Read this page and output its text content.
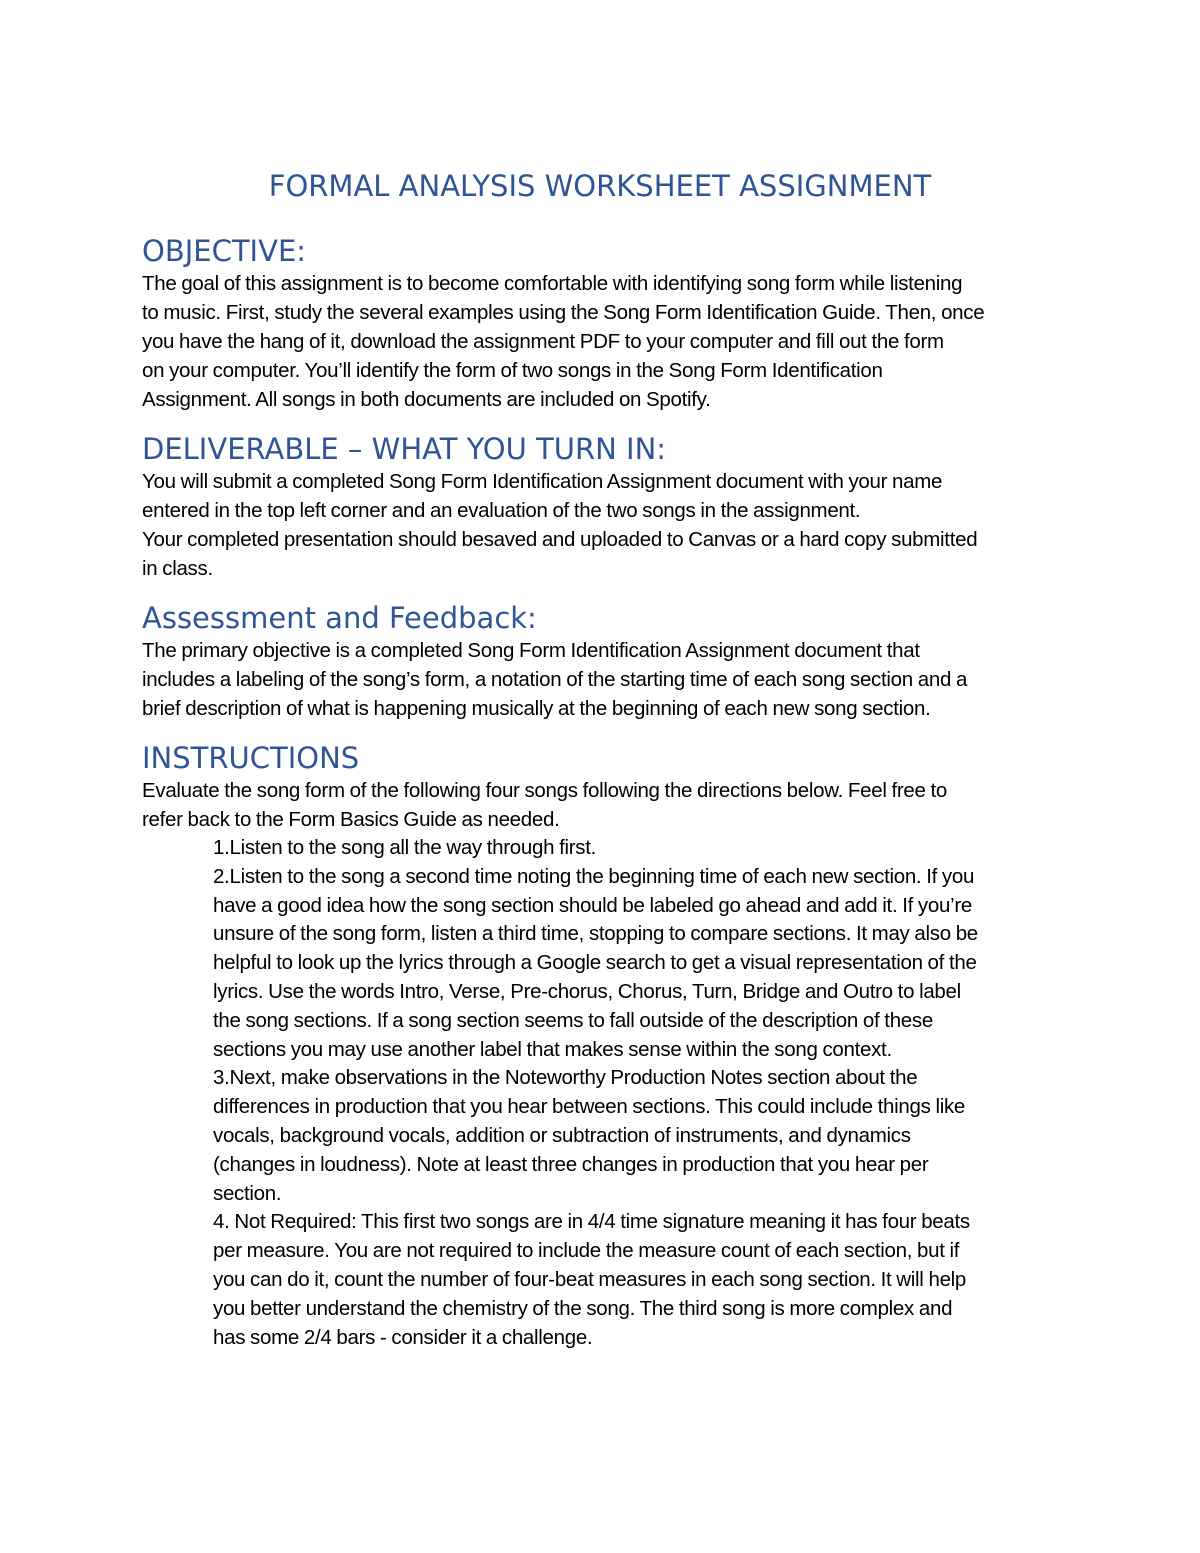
FORMAL ANALYSIS WORKSHEET ASSIGNMENT
OBJECTIVE:

The goal of this assignment is to become comfortable with identifying song form while listening

to music. First, study the several examples using the Song Form Identification Guide. Then, once

you have the hang of it, download the assignment PDF to your computer and fill out the form

on your computer. You’ll identify the form of two songs in the Song Form Identification

Assignment. All songs in both documents are included on Spotify.

DELIVERABLE – WHAT YOU TURN IN:

You will submit a completed Song Form Identification Assignment document with your name

entered in the top left corner and an evaluation of the two songs in the assignment.

Your completed presentation should besaved and uploaded to Canvas or a hard copy submitted

in class.

Assessment and Feedback:

The primary objective is a completed Song Form Identification Assignment document that

includes a labeling of the song’s form, a notation of the starting time of each song section and a

brief description of what is happening musically at the beginning of each new song section.

INSTRUCTIONS

Evaluate the song form of the following four songs following the directions below. Feel free to

refer back to the Form Basics Guide as needed.

1.Listen to the song all the way through first.

2.Listen to the song a second time noting the beginning time of each new section. If you

have a good idea how the song section should be labeled go ahead and add it. If you’re

unsure of the song form, listen a third time, stopping to compare sections. It may also be

helpful to look up the lyrics through a Google search to get a visual representation of the

lyrics. Use the words Intro, Verse, Pre-chorus, Chorus, Turn, Bridge and Outro to label

the song sections. If a song section seems to fall outside of the description of these

sections you may use another label that makes sense within the song context.

3.Next, make observations in the Noteworthy Production Notes section about the

differences in production that you hear between sections. This could include things like

vocals, background vocals, addition or subtraction of instruments, and dynamics

(changes in loudness). Note at least three changes in production that you hear per

section.

4. Not Required: This first two songs are in 4/4 time signature meaning it has four beats

per measure. You are not required to include the measure count of each section, but if

you can do it, count the number of four-beat measures in each song section. It will help

you better understand the chemistry of the song. The third song is more complex and

has some 2/4 bars - consider it a challenge.
